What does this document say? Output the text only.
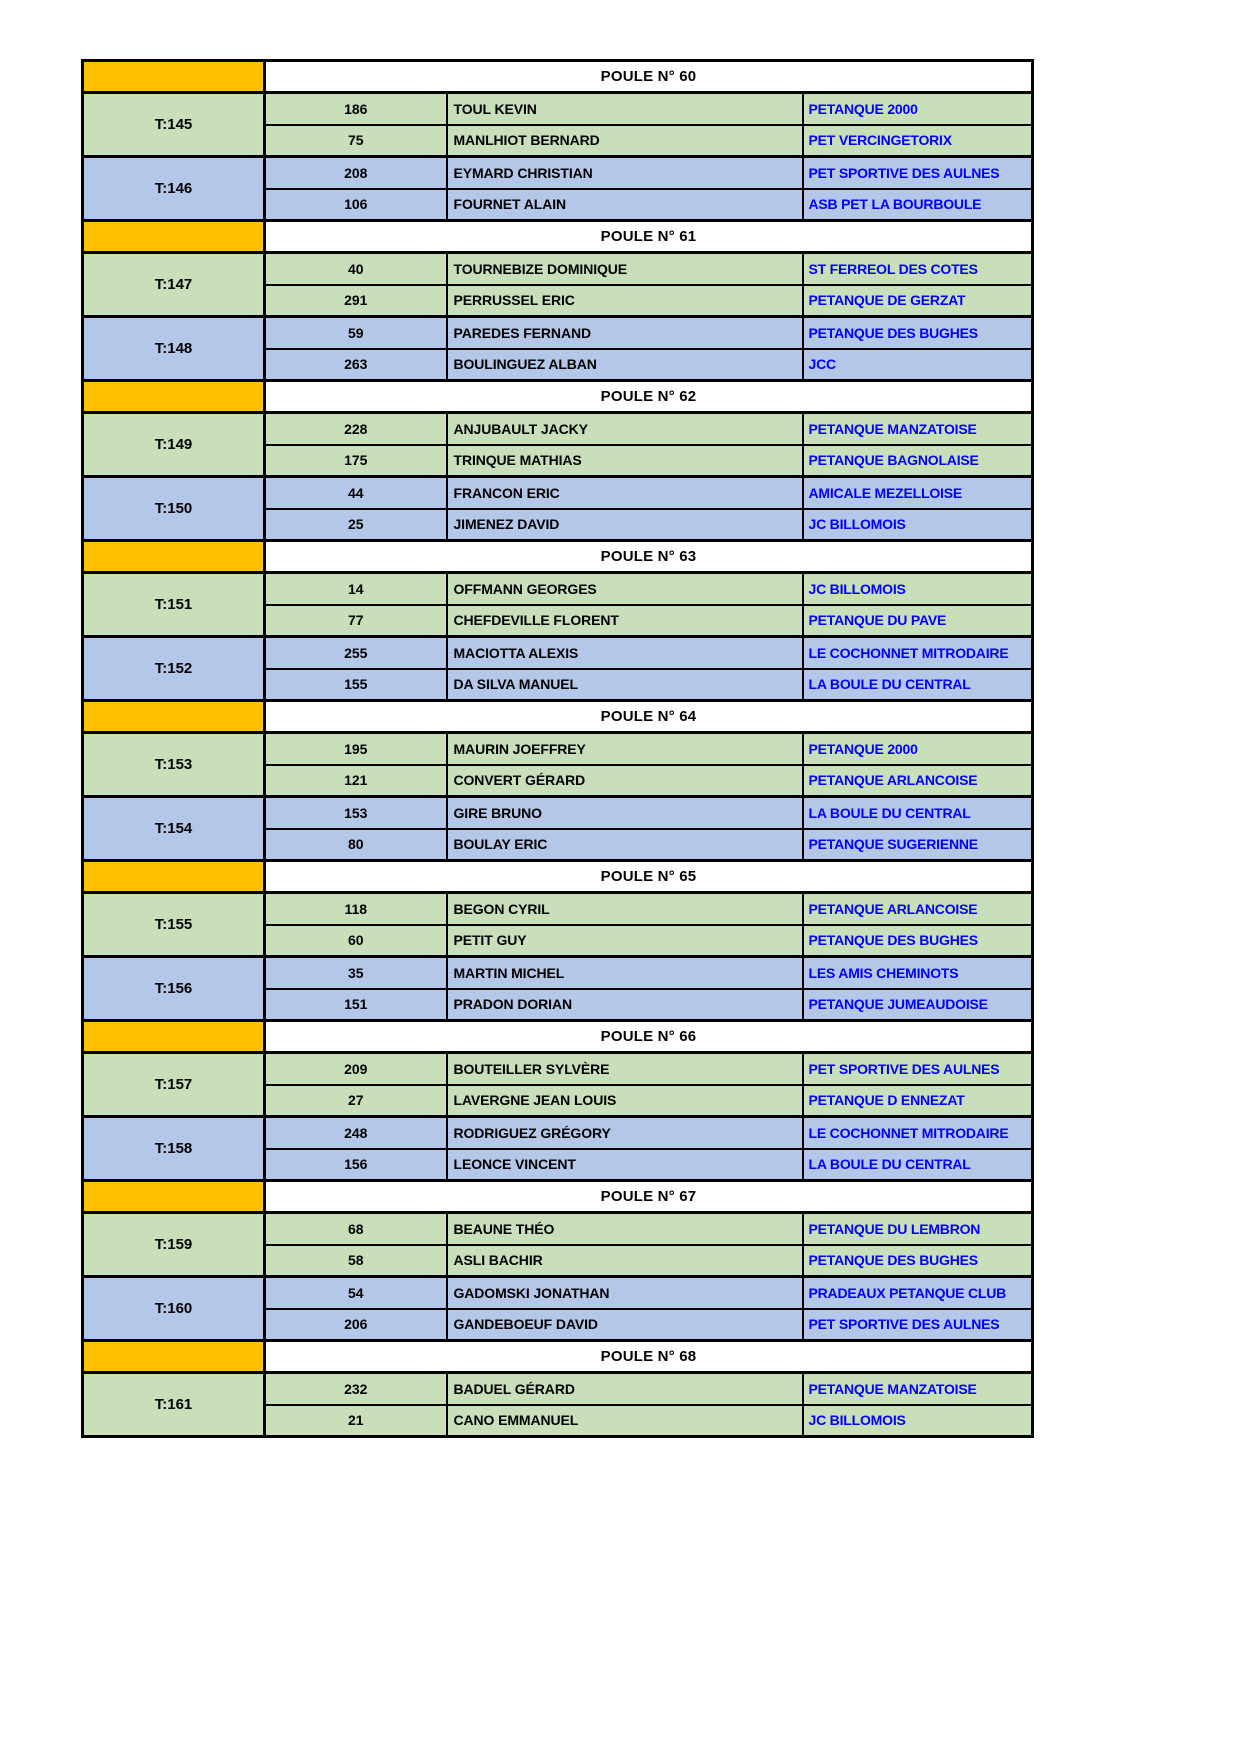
	POULE N° 60		
T:145	186	TOUL KEVIN	PETANQUE 2000
	75	MANLHIOT BERNARD	PET VERCINGETORIX
T:146	208	EYMARD CHRISTIAN	PET SPORTIVE DES AULNES
	106	FOURNET ALAIN	ASB PET LA BOURBOULE
	POULE N° 61		
T:147	40	TOURNEBIZE DOMINIQUE	ST FERREOL DES COTES
	291	PERRUSSEL ERIC	PETANQUE DE GERZAT
T:148	59	PAREDES FERNAND	PETANQUE DES BUGHES
	263	BOULINGUEZ ALBAN	JCC
	POULE N° 62		
T:149	228	ANJUBAULT JACKY	PETANQUE MANZATOISE
	175	TRINQUE MATHIAS	PETANQUE BAGNOLAISE
T:150	44	FRANCON ERIC	AMICALE MEZELLOISE
	25	JIMENEZ DAVID	JC BILLOMOIS
	POULE N° 63		
T:151	14	OFFMANN GEORGES	JC BILLOMOIS
	77	CHEFDEVILLE FLORENT	PETANQUE DU PAVE
T:152	255	MACIOTTA ALEXIS	LE COCHONNET MITRODAIRE
	155	DA SILVA MANUEL	LA BOULE DU CENTRAL
	POULE N° 64		
T:153	195	MAURIN JOEFFREY	PETANQUE 2000
	121	CONVERT GÉRARD	PETANQUE ARLANCOISE
T:154	153	GIRE BRUNO	LA BOULE DU CENTRAL
	80	BOULAY ERIC	PETANQUE SUGERIENNE
	POULE N° 65		
T:155	118	BEGON CYRIL	PETANQUE ARLANCOISE
	60	PETIT GUY	PETANQUE DES BUGHES
T:156	35	MARTIN MICHEL	LES AMIS CHEMINOTS
	151	PRADON DORIAN	PETANQUE JUMEAUDOISE
	POULE N° 66		
T:157	209	BOUTEILLER SYLVÈRE	PET SPORTIVE DES AULNES
	27	LAVERGNE JEAN LOUIS	PETANQUE D ENNEZAT
T:158	248	RODRIGUEZ GRÉGORY	LE COCHONNET MITRODAIRE
	156	LEONCE VINCENT	LA BOULE DU CENTRAL
	POULE N° 67		
T:159	68	BEAUNE THÉO	PETANQUE DU LEMBRON
	58	ASLI BACHIR	PETANQUE DES BUGHES
T:160	54	GADOMSKI JONATHAN	PRADEAUX PETANQUE CLUB
	206	GANDEBOEUF DAVID	PET SPORTIVE DES AULNES
	POULE N° 68		
T:161	232	BADUEL GÉRARD	PETANQUE MANZATOISE
	21	CANO EMMANUEL	JC BILLOMOIS
